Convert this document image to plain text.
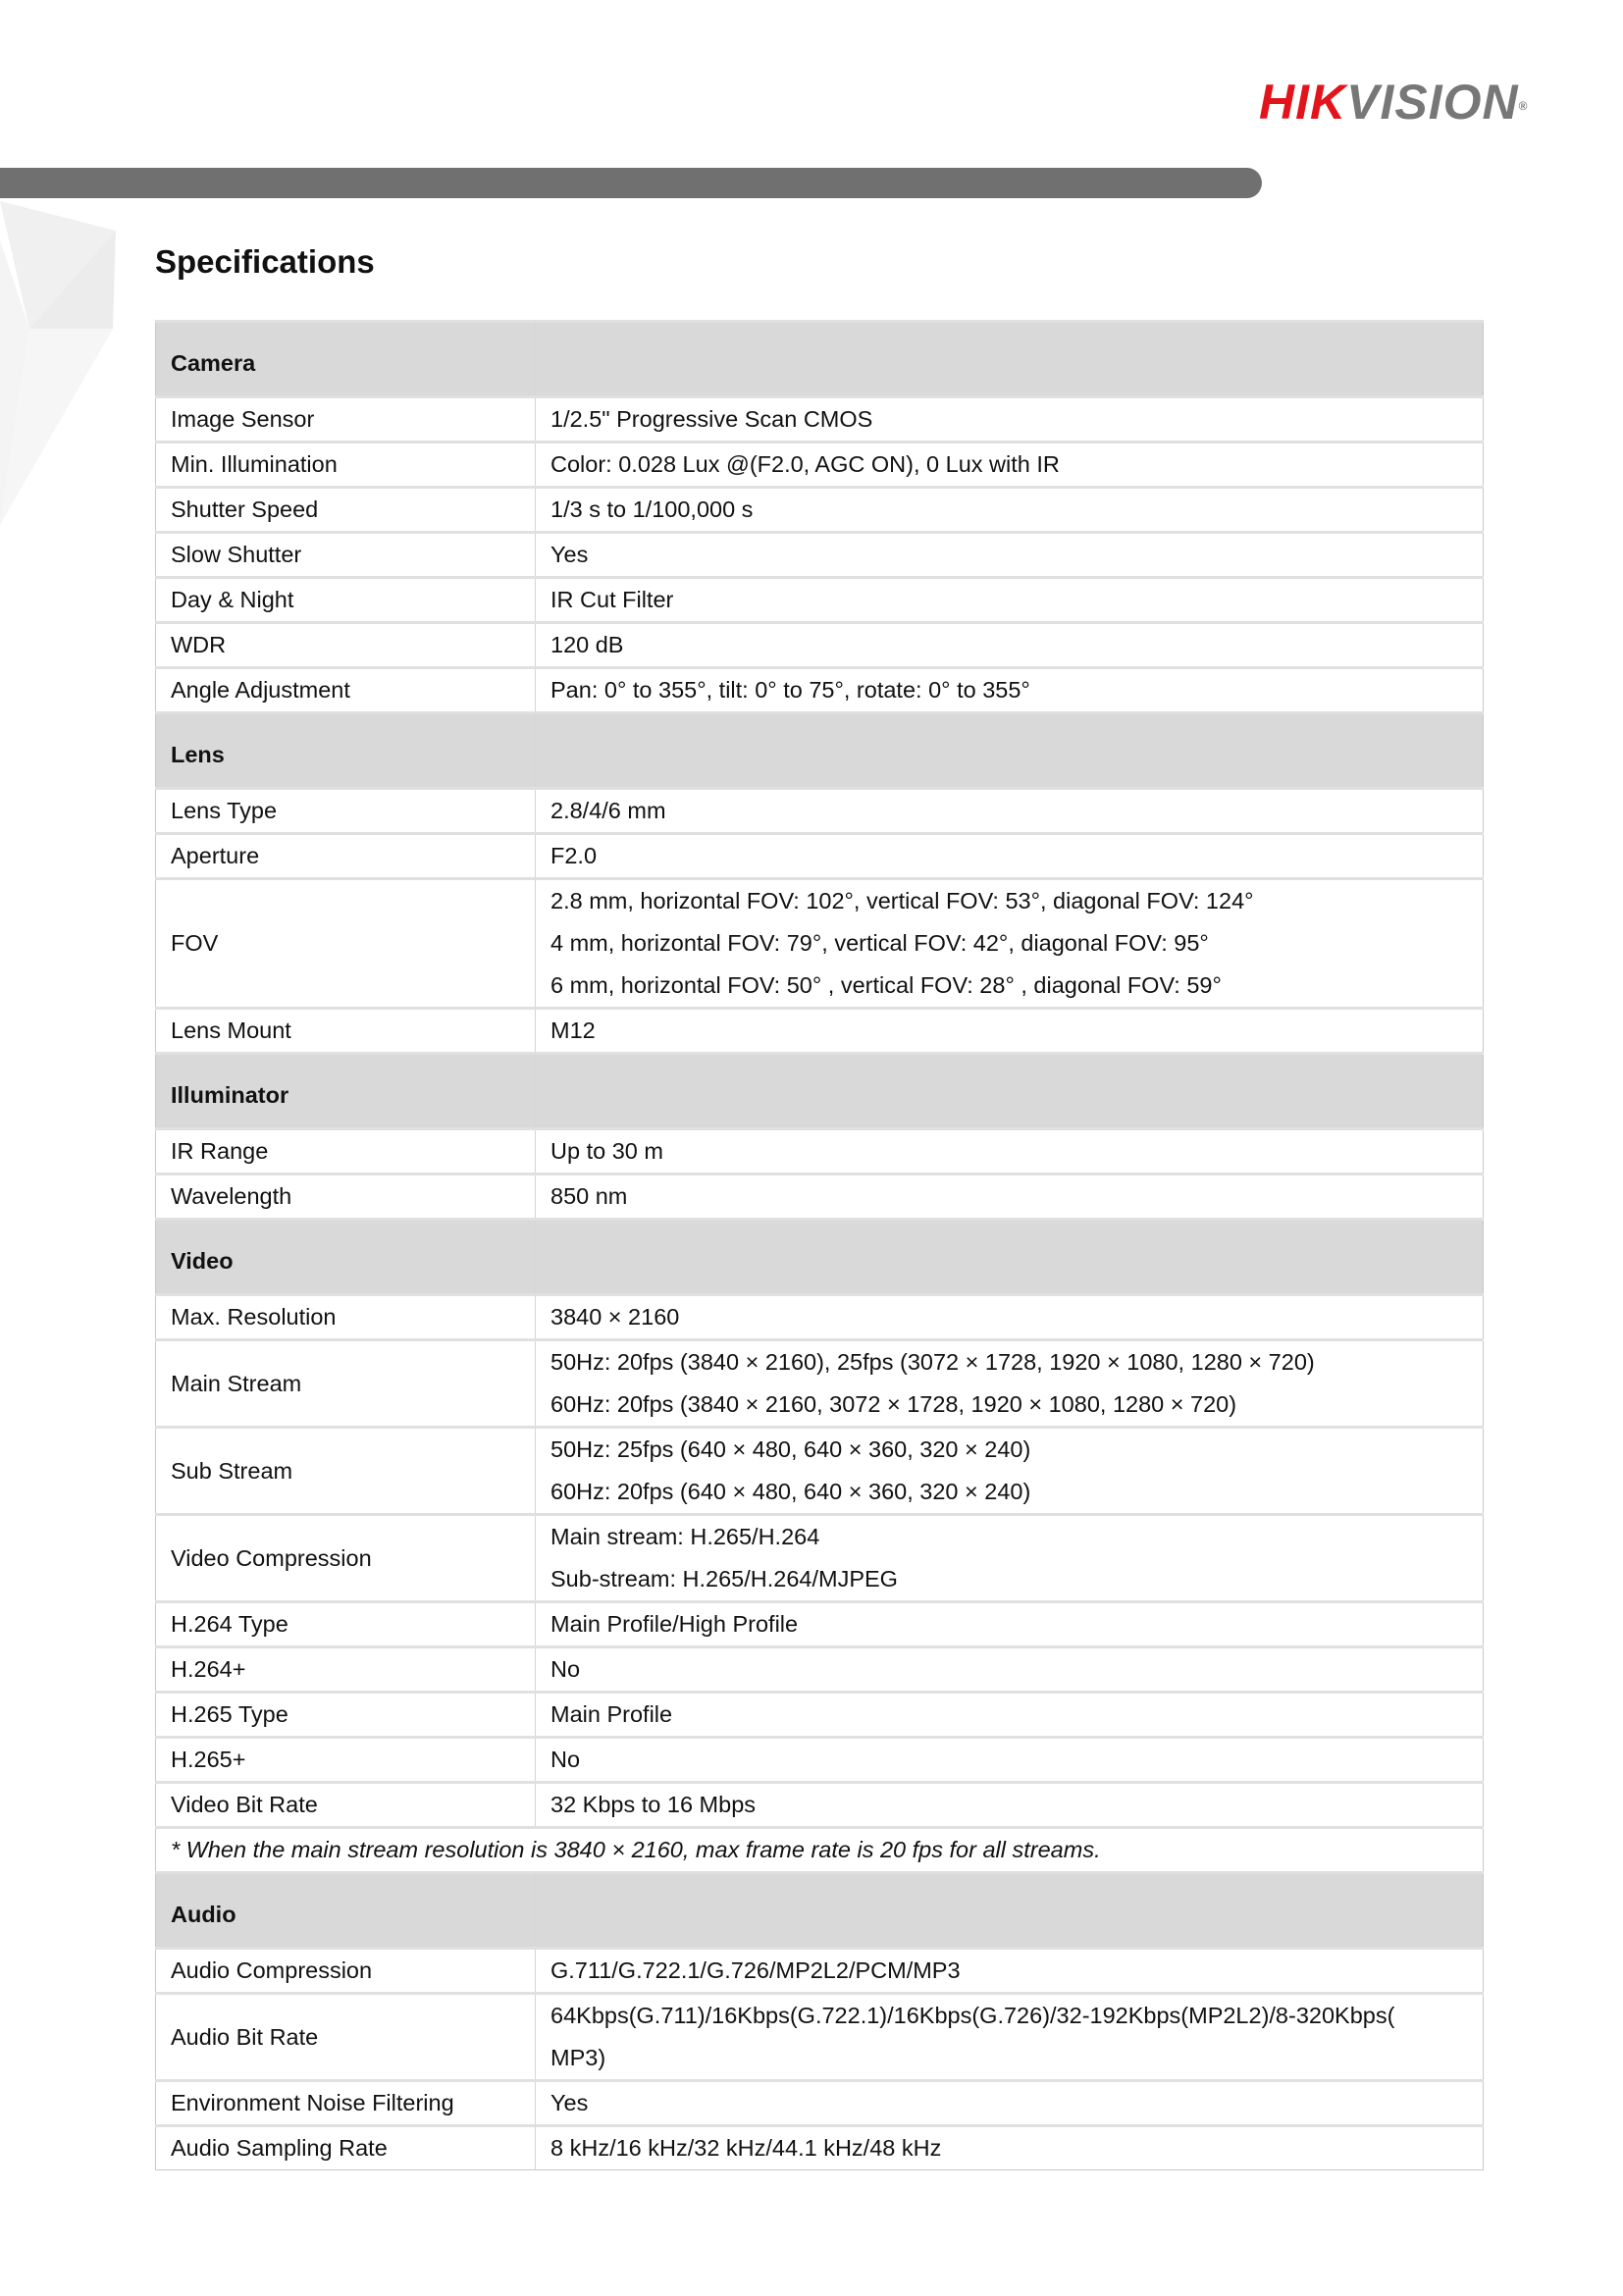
HIKVISION®
Specifications
Camera	
Image Sensor	1/2.5" Progressive Scan CMOS
Min. Illumination	Color: 0.028 Lux @(F2.0, AGC ON), 0 Lux with IR
Shutter Speed	1/3 s to 1/100,000 s
Slow Shutter	Yes
Day & Night	IR Cut Filter
WDR	120 dB
Angle Adjustment	Pan: 0° to 355°, tilt: 0° to 75°, rotate: 0° to 355°
Lens	
Lens Type	2.8/4/6 mm
Aperture	F2.0
FOV	2.8 mm, horizontal FOV: 102°, vertical FOV: 53°, diagonal FOV: 124°
4 mm, horizontal FOV: 79°, vertical FOV: 42°, diagonal FOV: 95°
6 mm, horizontal FOV: 50° , vertical FOV: 28° , diagonal FOV: 59°

Lens Mount	M12
Illuminator	
IR Range	Up to 30 m
Wavelength	850 nm
Video	
Max. Resolution	3840 × 2160
Main Stream	50Hz: 20fps (3840 × 2160), 25fps (3072 × 1728, 1920 × 1080, 1280 × 720)
60Hz: 20fps (3840 × 2160, 3072 × 1728, 1920 × 1080, 1280 × 720)

Sub Stream	50Hz: 25fps (640 × 480, 640 × 360, 320 × 240)
60Hz: 20fps (640 × 480, 640 × 360, 320 × 240)

Video Compression	Main stream: H.265/H.264
Sub-stream: H.265/H.264/MJPEG

H.264 Type	Main Profile/High Profile
H.264+	No
H.265 Type	Main Profile
H.265+	No
Video Bit Rate	32 Kbps to 16 Mbps
* When the main stream resolution is 3840 × 2160, max frame rate is 20 fps for all streams.	
Audio	
Audio Compression	G.711/G.722.1/G.726/MP2L2/PCM/MP3
Audio Bit Rate	64Kbps(G.711)/16Kbps(G.722.1)/16Kbps(G.726)/32-192Kbps(MP2L2)/8-320Kbps(
MP3)

Environment Noise Filtering	Yes
Audio Sampling Rate	8 kHz/16 kHz/32 kHz/44.1 kHz/48 kHz
